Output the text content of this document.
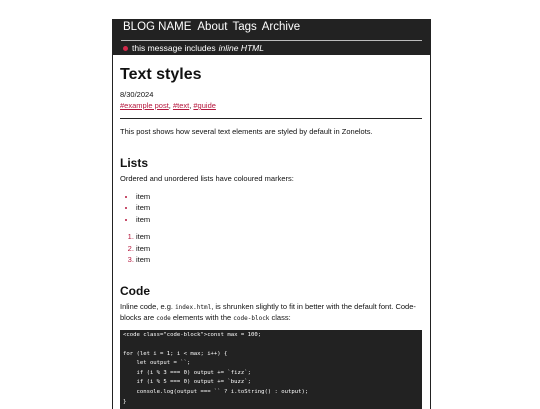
BLOG NAME About Tags Archive
this message includes inline HTML
Text styles
8/30/2024
#example post, #text, #guide

This post shows how several text elements are styled by default in Zonelots.

Lists

Ordered and unordered lists have coloured markers:

• item
• item
• item
1. item
2. item
3. item
Code

Inline code, e.g. index.html, is shrunken slightly to fit in better with the default font. Code-blocks are code elements with the code-block class:

<code class="code-block">const max = 100;
for (let i = 1; i < max; i++) {
let output = ``;
if (i % 3 === 0) output += `fizz`;
if (i % 5 === 0) output += `buzz`;
console.log(output === `` ? i.toString() : output);
}
